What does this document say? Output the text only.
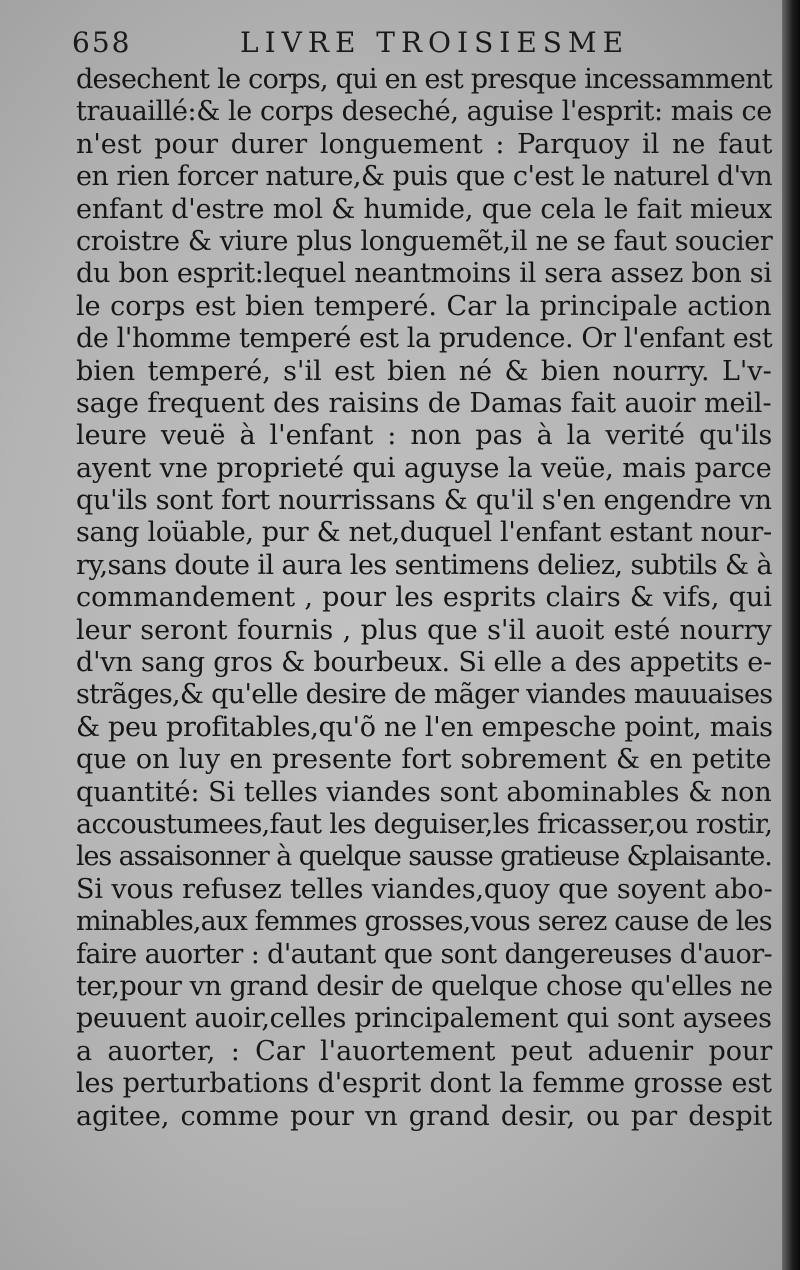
658	LIVRE TROISIESME
desechent le corps, qui en est presque incessamment
trauaillé:& le corps deseché, aguise l'esprit: mais ce
n'est pour durer longuement : Parquoy il ne faut
en rien forcer nature,& puis que c'est le naturel d'vn
enfant d'estre mol & humide, que cela le fait mieux
croistre & viure plus longuemẽt,il ne se faut soucier
du bon esprit:lequel neantmoins il sera assez bon si
le corps est bien temperé. Car la principale action
de l'homme temperé est la prudence. Or l'enfant est
bien temperé, s'il est bien né & bien nourry. L'v-
sage frequent des raisins de Damas fait auoir meil-
leure veuë à l'enfant : non pas à la verité qu'ils
ayent vne proprieté qui aguyse la veüe, mais parce
qu'ils sont fort nourrissans & qu'il s'en engendre vn
sang loüable, pur & net,duquel l'enfant estant nour-
ry,sans doute il aura les sentimens deliez, subtils & à
commandement , pour les esprits clairs & vifs, qui
leur seront fournis , plus que s'il auoit esté nourry
d'vn sang gros & bourbeux. Si elle a des appetits e-
strãges,& qu'elle desire de mãger viandes mauuaises
& peu profitables,qu'õ ne l'en empesche point, mais
que on luy en presente fort sobrement & en petite
quantité: Si telles viandes sont abominables & non
accoustumees,faut les deguiser,les fricasser,ou rostir,
les assaisonner à quelque sausse gratieuse &plaisante.
Si vous refusez telles viandes,quoy que soyent abo-
minables,aux femmes grosses,vous serez cause de les
faire auorter : d'autant que sont dangereuses d'auor-
ter,pour vn grand desir de quelque chose qu'elles ne
peuuent auoir,celles principalement qui sont aysees
a auorter, : Car l'auortement peut aduenir pour
les perturbations d'esprit dont la femme grosse est
agitee, comme pour vn grand desir, ou par despit
